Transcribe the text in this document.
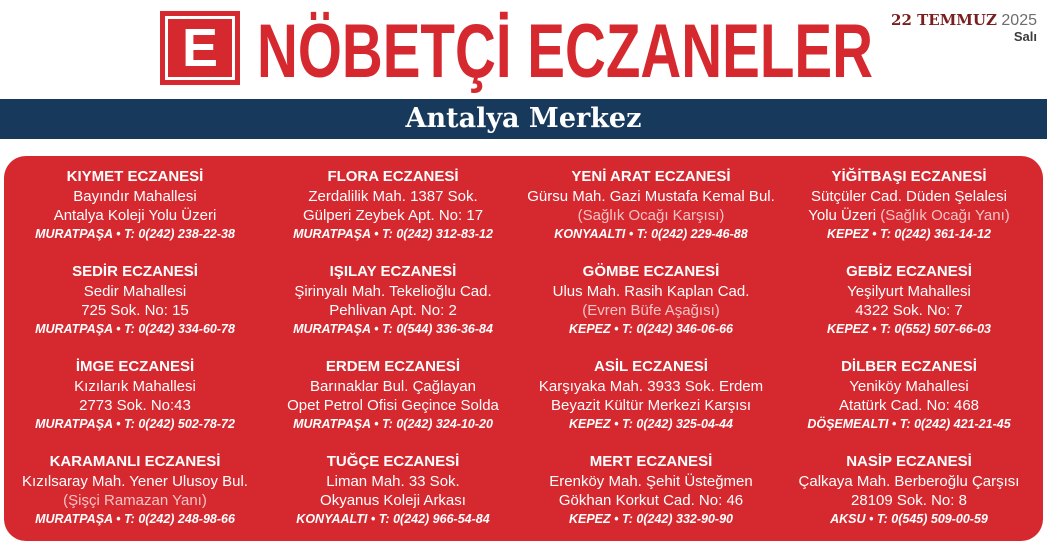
E NÖBETÇİ ECZANELER	22 TEMMUZ 2025
Salı
Antalya Merkez
KIYMET ECZANESİ
Bayındır Mahallesi
Antalya Koleji Yolu Üzeri
MURATPAŞA • T: 0(242) 238-22-38
FLORA ECZANESİ
Zerdalilik Mah. 1387 Sok.
Gülperi Zeybek Apt. No: 17
MURATPAŞA • T: 0(242) 312-83-12
YENİ ARAT ECZANESİ
Gürsu Mah. Gazi Mustafa Kemal Bul.
(Sağlık Ocağı Karşısı)
KONYAALTI • T: 0(242) 229-46-88
YİĞİTBAŞI ECZANESİ
Sütçüler Cad. Düden Şelalesi
Yolu Üzeri (Sağlık Ocağı Yanı)
KEPEZ • T: 0(242) 361-14-12
SEDİR ECZANESİ
Sedir Mahallesi
725 Sok. No: 15
MURATPAŞA • T: 0(242) 334-60-78
IŞILAY ECZANESİ
Şirinyalı Mah. Tekelioğlu Cad.
Pehlivan Apt. No: 2
MURATPAŞA • T: 0(544) 336-36-84
GÖMBE ECZANESİ
Ulus Mah. Rasih Kaplan Cad.
(Evren Büfe Aşağısı)
KEPEZ • T: 0(242) 346-06-66
GEBİZ ECZANESİ
Yeşilyurt Mahallesi
4322 Sok. No: 7
KEPEZ • T: 0(552) 507-66-03
İMGE ECZANESİ
Kızılarık Mahallesi
2773 Sok. No:43
MURATPAŞA • T: 0(242) 502-78-72
ERDEM ECZANESİ
Barınaklar Bul. Çağlayan
Opet Petrol Ofisi Geçince Solda
MURATPAŞA • T: 0(242) 324-10-20
ASİL ECZANESİ
Karşıyaka Mah. 3933 Sok. Erdem
Beyazit Kültür Merkezi Karşısı
KEPEZ • T: 0(242) 325-04-44
DİLBER ECZANESİ
Yeniköy Mahallesi
Atatürk Cad. No: 468
DÖŞEMEALTI • T: 0(242) 421-21-45
KARAMANLI ECZANESİ
Kızılsaray Mah. Yener Ulusoy Bul.
(Şişçi Ramazan Yanı)
MURATPAŞA • T: 0(242) 248-98-66
TUĞÇE ECZANESİ
Liman Mah. 33 Sok.
Okyanus Koleji Arkası
KONYAALTI • T: 0(242) 966-54-84
MERT ECZANESİ
Erenköy Mah. Şehit Üsteğmen
Gökhan Korkut Cad. No: 46
KEPEZ • T: 0(242) 332-90-90
NASİP ECZANESİ
Çalkaya Mah. Berberoğlu Çarşısı
28109 Sok. No: 8
AKSU • T: 0(545) 509-00-59
